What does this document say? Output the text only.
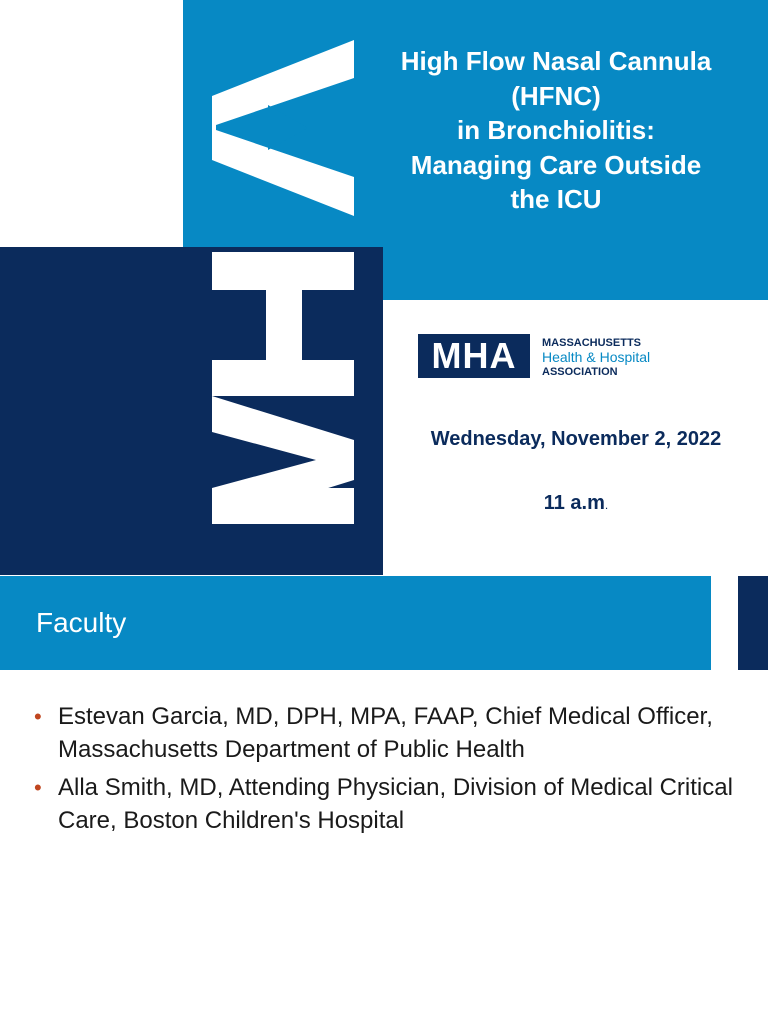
High Flow Nasal Cannula
(HFNC)
in Bronchiolitis:
Managing Care Outside
the ICU
MHA	MASSACHUSETTS
Health & Hospital
ASSOCIATION
Wednesday, November 2, 2022
11 a.m.
Faculty
• Estevan Garcia, MD, DPH, MPA, FAAP, Chief Medical Officer, Massachusetts Department of Public Health
• Alla Smith, MD, Attending Physician, Division of Medical Critical Care, Boston Children's Hospital
